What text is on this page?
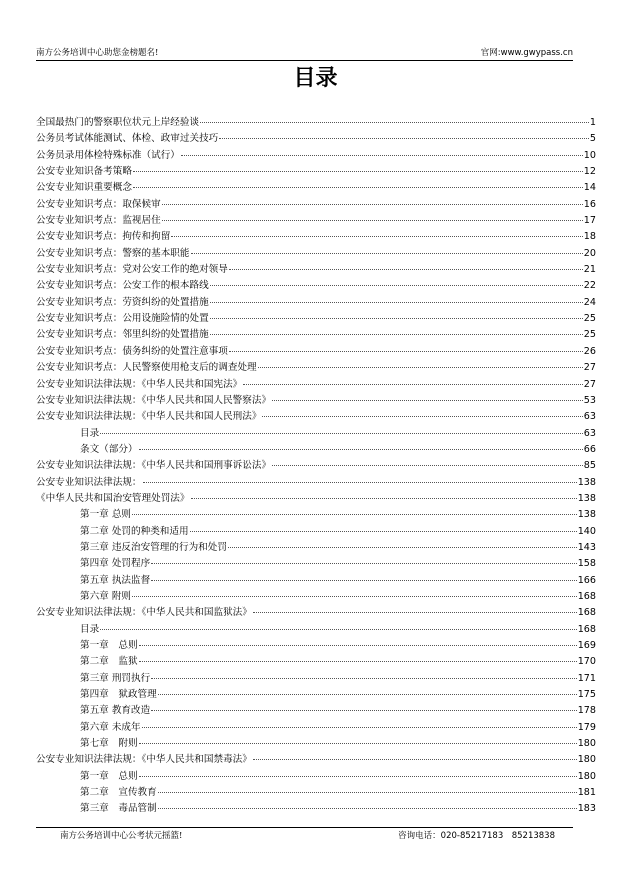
南方公务培训中心助您金榜题名!	官网:www.gwypass.cn
目录
全国最热门的警察职位状元上岸经验谈	1
公务员考试体能测试、体检、政审过关技巧	5
公务员录用体检特殊标准（试行）	10
公安专业知识备考策略	12
公安专业知识重要概念	14
公安专业知识考点：取保候审	16
公安专业知识考点：监视居住	17
公安专业知识考点：拘传和拘留	18
公安专业知识考点：警察的基本职能	20
公安专业知识考点：党对公安工作的绝对领导	21
公安专业知识考点：公安工作的根本路线	22
公安专业知识考点：劳资纠纷的处置措施	24
公安专业知识考点：公用设施险情的处置	25
公安专业知识考点：邻里纠纷的处置措施	25
公安专业知识考点：债务纠纷的处置注意事项	26
公安专业知识考点：人民警察使用枪支后的调查处理	27
公安专业知识法律法规：《中华人民共和国宪法》	27
公安专业知识法律法规：《中华人民共和国人民警察法》	53
公安专业知识法律法规：《中华人民共和国人民刑法》	63
目录	63
条文（部分）	66
公安专业知识法律法规：《中华人民共和国刑事诉讼法》	85
公安专业知识法律法规：	138
《中华人民共和国治安管理处罚法》	138
第一章 总则	138
第二章 处罚的种类和适用	140
第三章 违反治安管理的行为和处罚	143
第四章 处罚程序	158
第五章 执法监督	166
第六章 附则	168
公安专业知识法律法规：《中华人民共和国监狱法》	168
目录	168
第一章　总则	169
第二章　监狱	170
第三章 刑罚执行	171
第四章　狱政管理	175
第五章 教育改造	178
第六章 未成年	179
第七章　附则	180
公安专业知识法律法规：《中华人民共和国禁毒法》	180
第一章　总则	180
第二章　宣传教育	181
第三章　毒品管制	183
南方公务培训中心公考状元摇篮!	咨询电话：020-85217183　85213838
